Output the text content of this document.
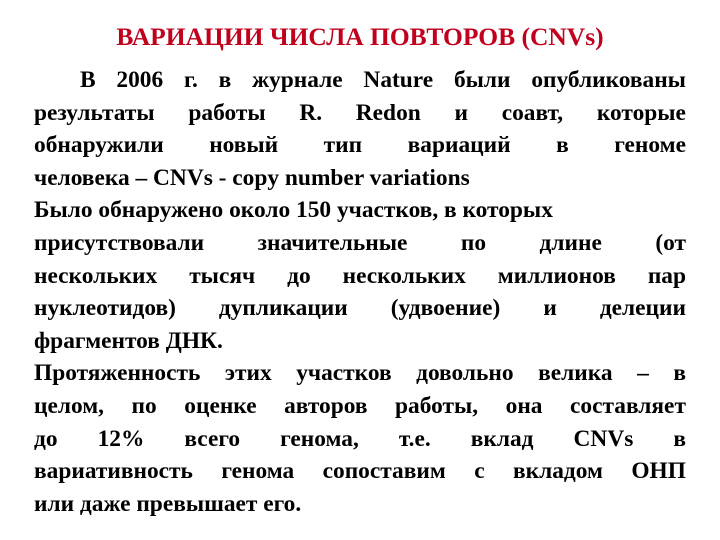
ВАРИАЦИИ ЧИСЛА ПОВТОРОВ (CNVs)

В 2006 г. в журнале Nature были опубликованы
результаты работы R. Redon и соавт, которые
обнаружили новый тип вариаций в геноме
человека – CNVs - copy number variations

Было обнаружено около 150 участков, в которых
присутствовали значительные по длине (от
нескольких тысяч до нескольких миллионов пар
нуклеотидов) дупликации (удвоение) и делеции
фрагментов ДНК.

Протяженность этих участков довольно велика – в
целом, по оценке авторов работы, она составляет
до 12% всего генома, т.е. вклад CNVs в
вариативность генома сопоставим с вкладом ОНП
или даже превышает его.
